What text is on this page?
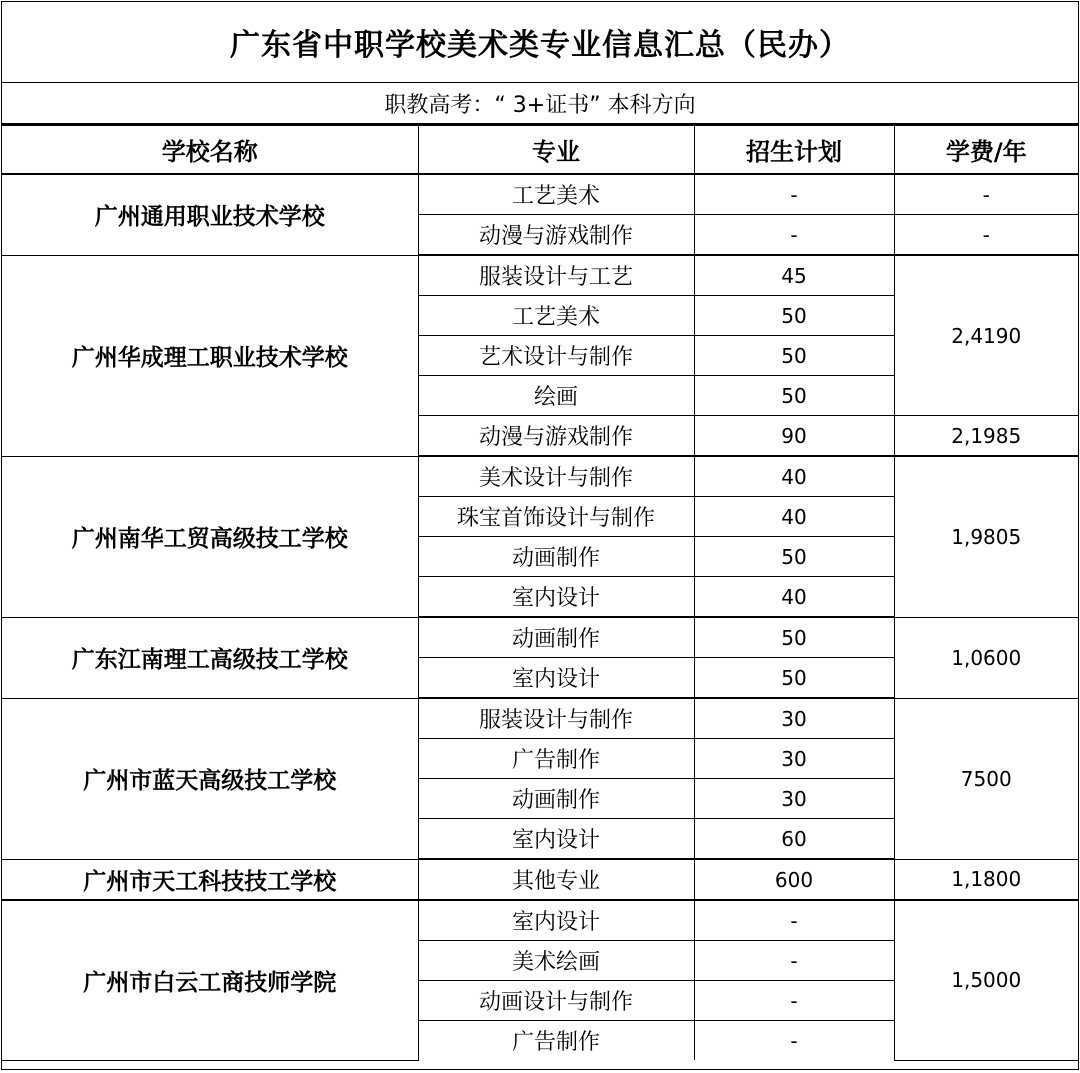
广东省中职学校美术类专业信息汇总（民办）
职教高考：“ 3+证书” 本科方向
学校名称	专业	招生计划	学费/年
广州通用职业技术学校	工艺美术	-	-
	动漫与游戏制作	-	-
广州华成理工职业技术学校	服装设计与工艺	45	2,4190
	工艺美术	50	
	艺术设计与制作	50	
	绘画	50	
	动漫与游戏制作	90	2,1985
广州南华工贸高级技工学校	美术设计与制作	40	1,9805
	珠宝首饰设计与制作	40	
	动画制作	50	
	室内设计	40	
广东江南理工高级技工学校	动画制作	50	1,0600
	室内设计	50	
广州市蓝天高级技工学校	服装设计与制作	30	7500
	广告制作	30	
	动画制作	30	
	室内设计	60	
广州市天工科技技工学校	其他专业	600	1,1800
广州市白云工商技师学院	室内设计	-	1,5000
	美术绘画	-	
	动画设计与制作	-	
	广告制作	-	
